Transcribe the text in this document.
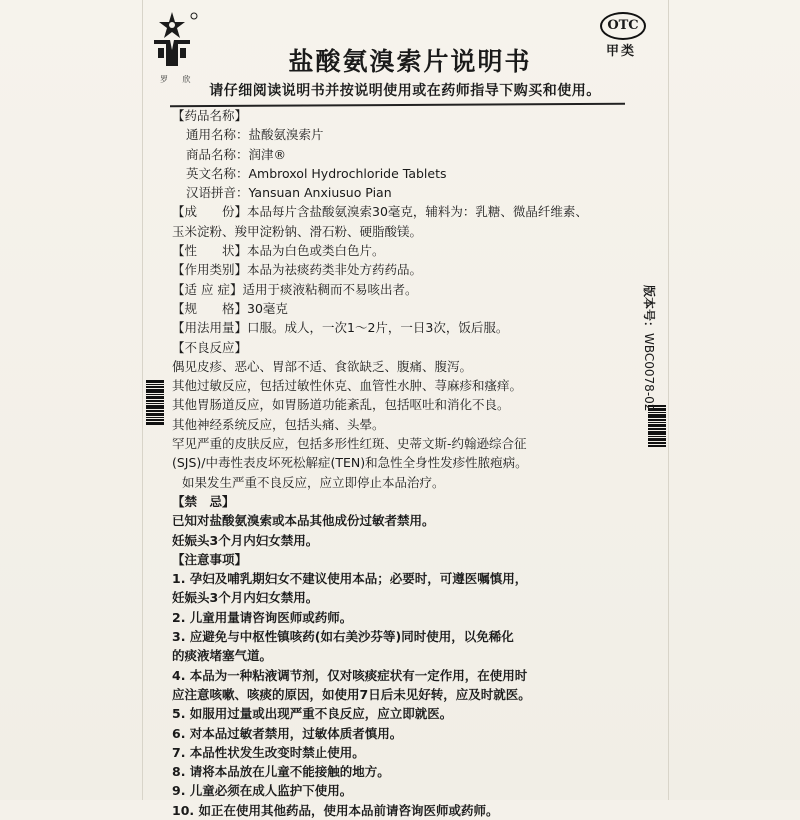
罗 欣
OTC
甲类
盐酸氨溴索片说明书
请仔细阅读说明书并按说明使用或在药师指导下购买和使用。
【药品名称】
通用名称：盐酸氨溴索片
商品名称：润津®
英文名称：Ambroxol Hydrochloride Tablets
汉语拼音：Yansuan Anxiusuo Pian
【成　　份】本品每片含盐酸氨溴索30毫克，辅料为：乳糖、微晶纤维素、
玉米淀粉、羧甲淀粉钠、滑石粉、硬脂酸镁。
【性　　状】本品为白色或类白色片。
【作用类别】本品为祛痰药类非处方药药品。
【适 应 症】适用于痰液粘稠而不易咳出者。
【规　　格】30毫克
【用法用量】口服。成人，一次1～2片，一日3次，饭后服。
【不良反应】
偶见皮疹、恶心、胃部不适、食欲缺乏、腹痛、腹泻。
其他过敏反应，包括过敏性休克、血管性水肿、荨麻疹和瘙痒。
其他胃肠道反应，如胃肠道功能紊乱，包括呕吐和消化不良。
其他神经系统反应，包括头痛、头晕。
罕见严重的皮肤反应，包括多形性红斑、史蒂文斯-约翰逊综合征
(SJS)/中毒性表皮坏死松解症(TEN)和急性全身性发疹性脓疱病。
如果发生严重不良反应，应立即停止本品治疗。
【禁　忌】
已知对盐酸氨溴索或本品其他成份过敏者禁用。
妊娠头3个月内妇女禁用。
【注意事项】
1. 孕妇及哺乳期妇女不建议使用本品；必要时，可遵医嘱慎用，
妊娠头3个月内妇女禁用。
2. 儿童用量请咨询医师或药师。
3. 应避免与中枢性镇咳药(如右美沙芬等)同时使用，以免稀化
的痰液堵塞气道。
4. 本品为一种粘液调节剂，仅对咳痰症状有一定作用，在使用时
应注意咳嗽、咳痰的原因，如使用7日后未见好转，应及时就医。
5. 如服用过量或出现严重不良反应，应立即就医。
6. 对本品过敏者禁用，过敏体质者慎用。
7. 本品性状发生改变时禁止使用。
8. 请将本品放在儿童不能接触的地方。
9. 儿童必须在成人监护下使用。
10. 如正在使用其他药品，使用本品前请咨询医师或药师。
版本号：WBC0078-02
